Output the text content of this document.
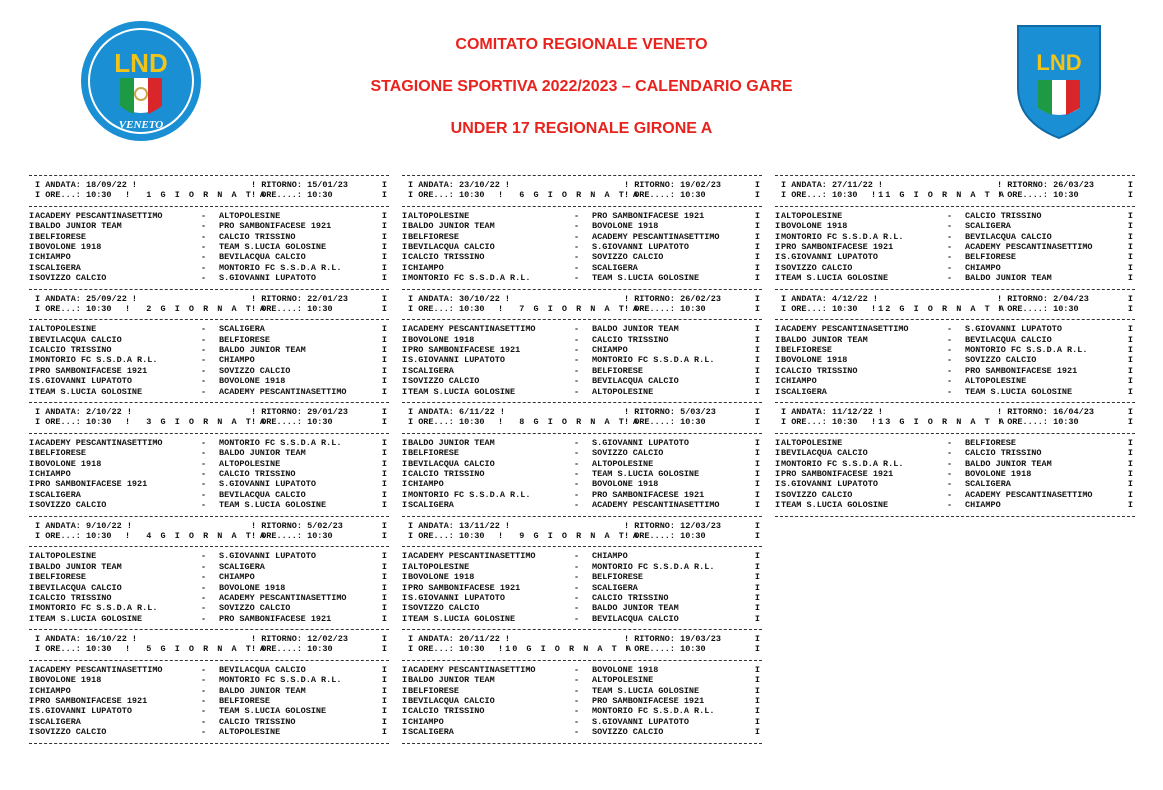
LND
VENETO
COMITATO REGIONALE VENETO
STAGIONE SPORTIVA 2022/2023 – CALENDARIO GARE
UNDER 17 REGIONALE GIRONE A
LND
I ANDATA: 18/09/22 !	! RITORNO: 15/01/23	I
I ORE...: 10:30 !  1 G I O R N A T A
! ORE....: 10:30	I
I ACADEMY PESCANTINASETTIMO	- ALTOPOLESINE	I
I BALDO JUNIOR TEAM	- PRO SAMBONIFACESE 1921	I
I BELFIORESE	- CALCIO TRISSINO	I
I BOVOLONE 1918	- TEAM S.LUCIA GOLOSINE	I
I CHIAMPO	- BEVILACQUA CALCIO	I
I SCALIGERA	- MONTORIO FC S.S.D.A R.L.	I
I SOVIZZO CALCIO	- S.GIOVANNI LUPATOTO	I
I ANDATA: 25/09/22 !	! RITORNO: 22/01/23	I
I ORE...: 10:30 !  2 G I O R N A T A
! ORE....: 10:30	I
I ALTOPOLESINE	- SCALIGERA	I
I BEVILACQUA CALCIO	- BELFIORESE	I
I CALCIO TRISSINO	- BALDO JUNIOR TEAM	I
I MONTORIO FC S.S.D.A R.L.	- CHIAMPO	I
I PRO SAMBONIFACESE 1921	- SOVIZZO CALCIO	I
I S.GIOVANNI LUPATOTO	- BOVOLONE 1918	I
I TEAM S.LUCIA GOLOSINE	- ACADEMY PESCANTINASETTIMO	I
I ANDATA: 2/10/22 !	! RITORNO: 29/01/23	I
I ORE...: 10:30 !  3 G I O R N A T A
! ORE....: 10:30	I
I ACADEMY PESCANTINASETTIMO	- MONTORIO FC S.S.D.A R.L.	I
I BELFIORESE	- BALDO JUNIOR TEAM	I
I BOVOLONE 1918	- ALTOPOLESINE	I
I CHIAMPO	- CALCIO TRISSINO	I
I PRO SAMBONIFACESE 1921	- S.GIOVANNI LUPATOTO	I
I SCALIGERA	- BEVILACQUA CALCIO	I
I SOVIZZO CALCIO	- TEAM S.LUCIA GOLOSINE	I
I ANDATA: 9/10/22 !	! RITORNO: 5/02/23	I
I ORE...: 10:30 !  4 G I O R N A T A
! ORE....: 10:30	I
I ALTOPOLESINE	- S.GIOVANNI LUPATOTO	I
I BALDO JUNIOR TEAM	- SCALIGERA	I
I BELFIORESE	- CHIAMPO	I
I BEVILACQUA CALCIO	- BOVOLONE 1918	I
I CALCIO TRISSINO	- ACADEMY PESCANTINASETTIMO	I
I MONTORIO FC S.S.D.A R.L.	- SOVIZZO CALCIO	I
I TEAM S.LUCIA GOLOSINE	- PRO SAMBONIFACESE 1921	I
I ANDATA: 16/10/22 !	! RITORNO: 12/02/23	I
I ORE...: 10:30 !  5 G I O R N A T A
! ORE....: 10:30	I
I ACADEMY PESCANTINASETTIMO	- BEVILACQUA CALCIO	I
I BOVOLONE 1918	- MONTORIO FC S.S.D.A R.L.	I
I CHIAMPO	- BALDO JUNIOR TEAM	I
I PRO SAMBONIFACESE 1921	- BELFIORESE	I
I S.GIOVANNI LUPATOTO	- TEAM S.LUCIA GOLOSINE	I
I SCALIGERA	- CALCIO TRISSINO	I
I SOVIZZO CALCIO	- ALTOPOLESINE	I
I ANDATA: 23/10/22 !	! RITORNO: 19/02/23	I
I ORE...: 10:30 !  6 G I O R N A T A
! ORE....: 10:30	I
I ALTOPOLESINE	- PRO SAMBONIFACESE 1921	I
I BALDO JUNIOR TEAM	- BOVOLONE 1918	I
I BELFIORESE	- ACADEMY PESCANTINASETTIMO	I
I BEVILACQUA CALCIO	- S.GIOVANNI LUPATOTO	I
I CALCIO TRISSINO	- SOVIZZO CALCIO	I
I CHIAMPO	- SCALIGERA	I
I MONTORIO FC S.S.D.A R.L.	- TEAM S.LUCIA GOLOSINE	I
I ANDATA: 30/10/22 !	! RITORNO: 26/02/23	I
I ORE...: 10:30 !  7 G I O R N A T A
! ORE....: 10:30	I
I ACADEMY PESCANTINASETTIMO	- BALDO JUNIOR TEAM	I
I BOVOLONE 1918	- CALCIO TRISSINO	I
I PRO SAMBONIFACESE 1921	- CHIAMPO	I
I S.GIOVANNI LUPATOTO	- MONTORIO FC S.S.D.A R.L.	I
I SCALIGERA	- BELFIORESE	I
I SOVIZZO CALCIO	- BEVILACQUA CALCIO	I
I TEAM S.LUCIA GOLOSINE	- ALTOPOLESINE	I
I ANDATA: 6/11/22 !	! RITORNO: 5/03/23	I
I ORE...: 10:30 !  8 G I O R N A T A
! ORE....: 10:30	I
I BALDO JUNIOR TEAM	- S.GIOVANNI LUPATOTO	I
I BELFIORESE	- SOVIZZO CALCIO	I
I BEVILACQUA CALCIO	- ALTOPOLESINE	I
I CALCIO TRISSINO	- TEAM S.LUCIA GOLOSINE	I
I CHIAMPO	- BOVOLONE 1918	I
I MONTORIO FC S.S.D.A R.L.	- PRO SAMBONIFACESE 1921	I
I SCALIGERA	- ACADEMY PESCANTINASETTIMO	I
I ANDATA: 13/11/22 !	! RITORNO: 12/03/23	I
I ORE...: 10:30 !  9 G I O R N A T A
! ORE....: 10:30	I
I ACADEMY PESCANTINASETTIMO	- CHIAMPO	I
I ALTOPOLESINE	- MONTORIO FC S.S.D.A R.L.	I
I BOVOLONE 1918	- BELFIORESE	I
I PRO SAMBONIFACESE 1921	- SCALIGERA	I
I S.GIOVANNI LUPATOTO	- CALCIO TRISSINO	I
I SOVIZZO CALCIO	- BALDO JUNIOR TEAM	I
I TEAM S.LUCIA GOLOSINE	- BEVILACQUA CALCIO	I
I ANDATA: 20/11/22 !	! RITORNO: 19/03/23	I
I ORE...: 10:30 !10 G I O R N A T A
! ORE....: 10:30	I
I ACADEMY PESCANTINASETTIMO	- BOVOLONE 1918	I
I BALDO JUNIOR TEAM	- ALTOPOLESINE	I
I BELFIORESE	- TEAM S.LUCIA GOLOSINE	I
I BEVILACQUA CALCIO	- PRO SAMBONIFACESE 1921	I
I CALCIO TRISSINO	- MONTORIO FC S.S.D.A R.L.	I
I CHIAMPO	- S.GIOVANNI LUPATOTO	I
I SCALIGERA	- SOVIZZO CALCIO	I
I ANDATA: 27/11/22 !	! RITORNO: 26/03/23	I
I ORE...: 10:30 !11 G I O R N A T A
! ORE....: 10:30	I
I ALTOPOLESINE	- CALCIO TRISSINO	I
I BOVOLONE 1918	- SCALIGERA	I
I MONTORIO FC S.S.D.A R.L.	- BEVILACQUA CALCIO	I
I PRO SAMBONIFACESE 1921	- ACADEMY PESCANTINASETTIMO	I
I S.GIOVANNI LUPATOTO	- BELFIORESE	I
I SOVIZZO CALCIO	- CHIAMPO	I
I TEAM S.LUCIA GOLOSINE	- BALDO JUNIOR TEAM	I
I ANDATA: 4/12/22 !	! RITORNO: 2/04/23	I
I ORE...: 10:30 !12 G I O R N A T A
! ORE....: 10:30	I
I ACADEMY PESCANTINASETTIMO	- S.GIOVANNI LUPATOTO	I
I BALDO JUNIOR TEAM	- BEVILACQUA CALCIO	I
I BELFIORESE	- MONTORIO FC S.S.D.A R.L.	I
I BOVOLONE 1918	- SOVIZZO CALCIO	I
I CALCIO TRISSINO	- PRO SAMBONIFACESE 1921	I
I CHIAMPO	- ALTOPOLESINE	I
I SCALIGERA	- TEAM S.LUCIA GOLOSINE	I
I ANDATA: 11/12/22 !	! RITORNO: 16/04/23	I
I ORE...: 10:30 !13 G I O R N A T A
! ORE....: 10:30	I
I ALTOPOLESINE	- BELFIORESE	I
I BEVILACQUA CALCIO	- CALCIO TRISSINO	I
I MONTORIO FC S.S.D.A R.L.	- BALDO JUNIOR TEAM	I
I PRO SAMBONIFACESE 1921	- BOVOLONE 1918	I
I S.GIOVANNI LUPATOTO	- SCALIGERA	I
I SOVIZZO CALCIO	- ACADEMY PESCANTINASETTIMO	I
I TEAM S.LUCIA GOLOSINE	- CHIAMPO	I
